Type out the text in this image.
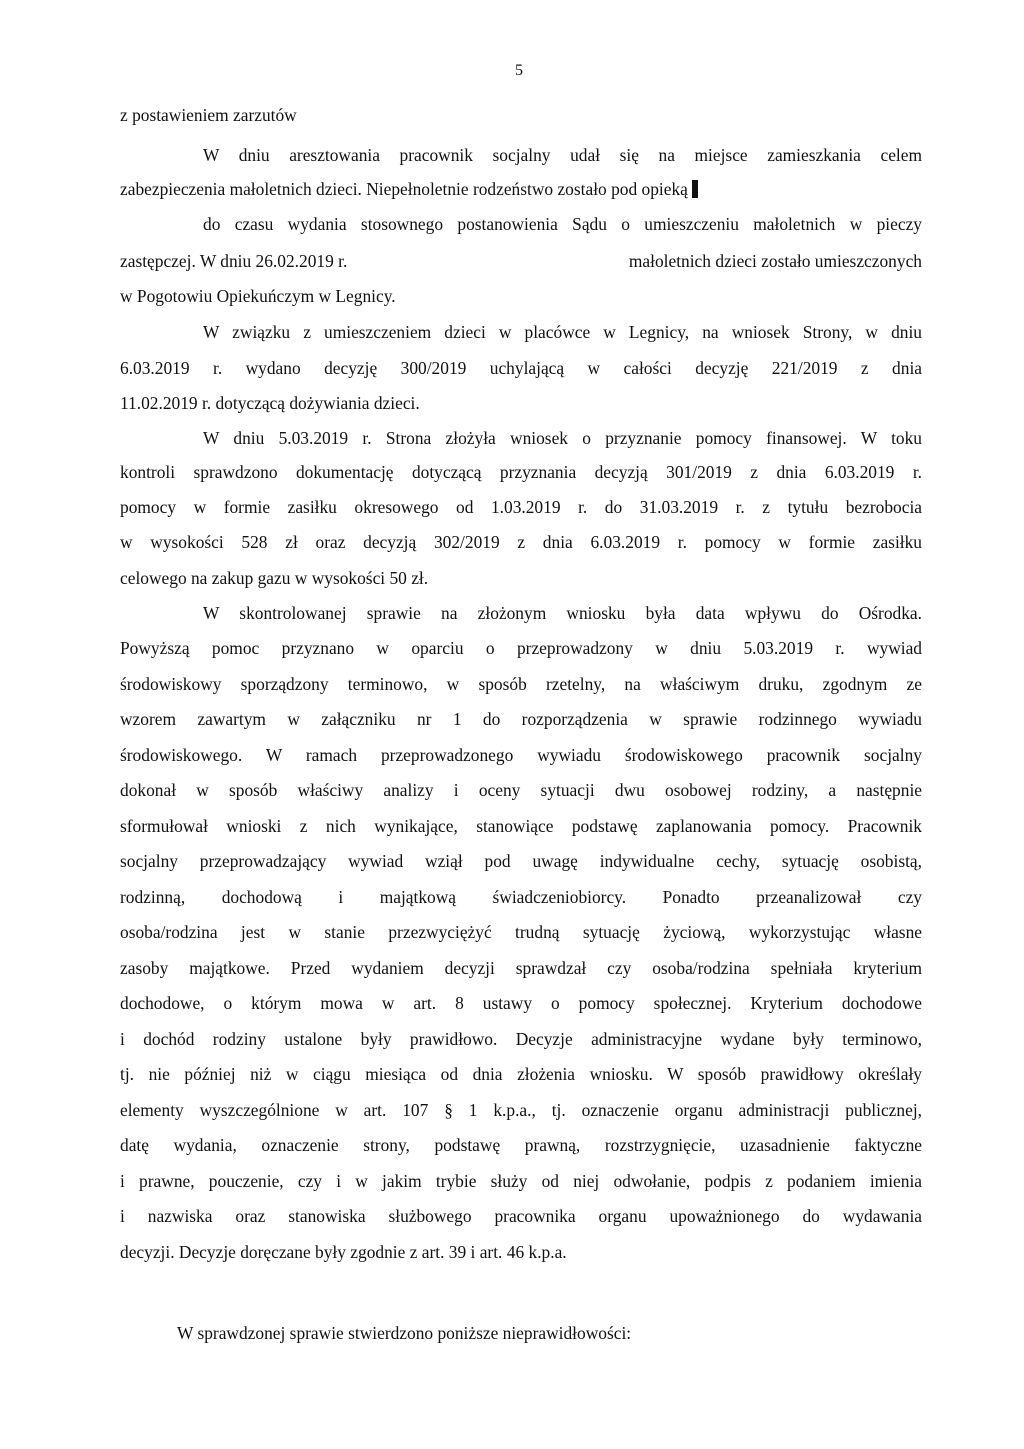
5
z postawieniem zarzutów
W dniu aresztowania pracownik socjalny udał się na miejsce zamieszkania celem
zabezpieczenia małoletnich dzieci. Niepełnoletnie rodzeństwo zostało pod opieką
do czasu wydania stosownego postanowienia Sądu o umieszczeniu małoletnich w pieczy
zastępczej. W dniu 26.02.2019 r.	małoletnich dzieci zostało umieszczonych
w Pogotowiu Opiekuńczym w Legnicy.
W związku z umieszczeniem dzieci w placówce w Legnicy, na wniosek Strony, w dniu
6.03.2019 r. wydano decyzję 300/2019 uchylającą w całości decyzję 221/2019 z dnia
11.02.2019 r. dotyczącą dożywiania dzieci.
W dniu 5.03.2019 r. Strona złożyła wniosek o przyznanie pomocy finansowej. W toku
kontroli sprawdzono dokumentację dotyczącą przyznania decyzją 301/2019 z dnia 6.03.2019 r.
pomocy w formie zasiłku okresowego od 1.03.2019 r. do 31.03.2019 r. z tytułu bezrobocia
w wysokości 528 zł oraz decyzją 302/2019 z dnia 6.03.2019 r. pomocy w formie zasiłku
celowego na zakup gazu w wysokości 50 zł.
W skontrolowanej sprawie na złożonym wniosku była data wpływu do Ośrodka.
Powyższą pomoc przyznano w oparciu o przeprowadzony w dniu 5.03.2019 r. wywiad
środowiskowy sporządzony terminowo, w sposób rzetelny, na właściwym druku, zgodnym ze
wzorem zawartym w załączniku nr 1 do rozporządzenia w sprawie rodzinnego wywiadu
środowiskowego. W ramach przeprowadzonego wywiadu środowiskowego pracownik socjalny
dokonał w sposób właściwy analizy i oceny sytuacji dwu osobowej rodziny, a następnie
sformułował wnioski z nich wynikające, stanowiące podstawę zaplanowania pomocy. Pracownik
socjalny przeprowadzający wywiad wziął pod uwagę indywidualne cechy, sytuację osobistą,
rodzinną, dochodową i majątkową świadczeniobiorcy. Ponadto przeanalizował czy
osoba/rodzina jest w stanie przezwyciężyć trudną sytuację życiową, wykorzystując własne
zasoby majątkowe. Przed wydaniem decyzji sprawdzał czy osoba/rodzina spełniała kryterium
dochodowe, o którym mowa w art. 8 ustawy o pomocy społecznej. Kryterium dochodowe
i dochód rodziny ustalone były prawidłowo. Decyzje administracyjne wydane były terminowo,
tj. nie później niż w ciągu miesiąca od dnia złożenia wniosku. W sposób prawidłowy określały
elementy wyszczególnione w art. 107 § 1 k.p.a., tj. oznaczenie organu administracji publicznej,
datę wydania, oznaczenie strony, podstawę prawną, rozstrzygnięcie, uzasadnienie faktyczne
i prawne, pouczenie, czy i w jakim trybie służy od niej odwołanie, podpis z podaniem imienia
i nazwiska oraz stanowiska służbowego pracownika organu upoważnionego do wydawania
decyzji. Decyzje doręczane były zgodnie z art. 39 i art. 46 k.p.a.
W sprawdzonej sprawie stwierdzono poniższe nieprawidłowości:
